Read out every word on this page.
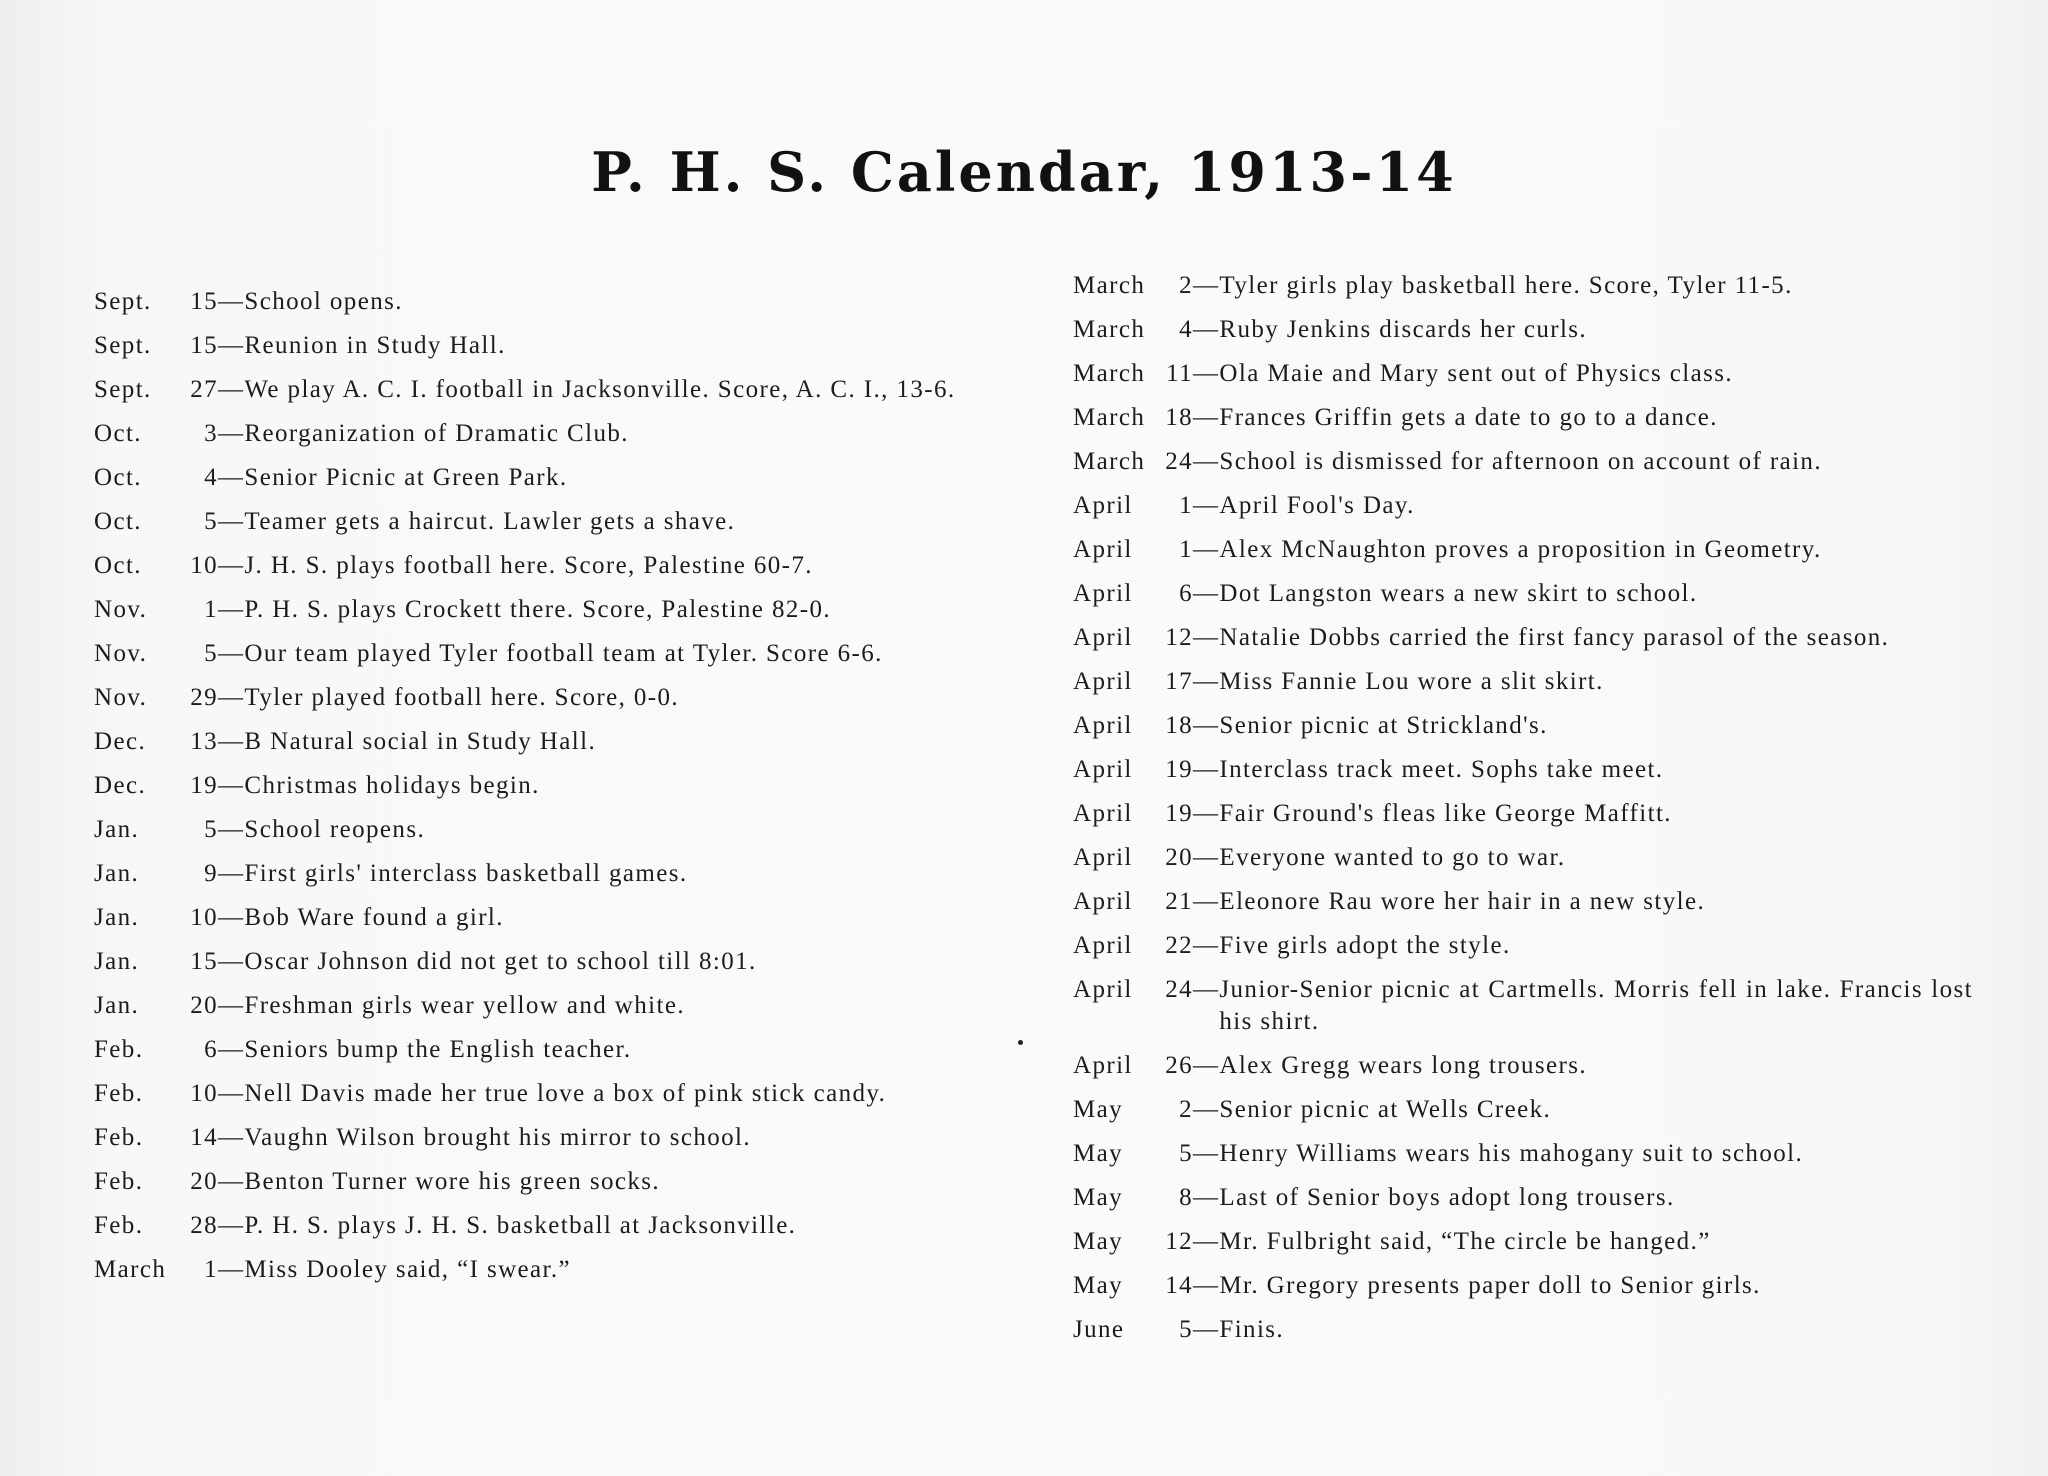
P. H. S. Calendar, 1913-14
Sept.	15 — School opens.
Sept.	15 — Reunion in Study Hall.
Sept.	27 — We play A. C. I. football in Jacksonville. Score, A. C. I., 13-6.
Oct.	3 — Reorganization of Dramatic Club.
Oct.	4 — Senior Picnic at Green Park.
Oct.	5 — Teamer gets a haircut. Lawler gets a shave.
Oct.	10 — J. H. S. plays football here. Score, Palestine 60-7.
Nov.	1 — P. H. S. plays Crockett there. Score, Palestine 82-0.
Nov.	5 — Our team played Tyler football team at Tyler. Score 6-6.
Nov.	29 — Tyler played football here. Score, 0-0.
Dec.	13 — B Natural social in Study Hall.
Dec.	19 — Christmas holidays begin.
Jan.	5 — School reopens.
Jan.	9 — First girls' interclass basketball games.
Jan.	10 — Bob Ware found a girl.
Jan.	15 — Oscar Johnson did not get to school till 8:01.
Jan.	20 — Freshman girls wear yellow and white.
Feb.	6 — Seniors bump the English teacher.
Feb.	10 — Nell Davis made her true love a box of pink stick candy.
Feb.	14 — Vaughn Wilson brought his mirror to school.
Feb.	20 — Benton Turner wore his green socks.
Feb.	28 — P. H. S. plays J. H. S. basketball at Jacksonville.
March	1 — Miss Dooley said, “I swear.”
March	2 — Tyler girls play basketball here. Score, Tyler 11-5.
March	4 — Ruby Jenkins discards her curls.
March 11 — Ola Maie and Mary sent out of Physics class.
March 18 — Frances Griffin gets a date to go to a dance.
March 24 — School is dismissed for afternoon on account of rain.
April	1 — April Fool's Day.
April	1 — Alex McNaughton proves a proposition in Geometry.
April	6 — Dot Langston wears a new skirt to school.
April	12 — Natalie Dobbs carried the first fancy parasol of the season.
April	17 — Miss Fannie Lou wore a slit skirt.
April	18 — Senior picnic at Strickland's.
April	19 — Interclass track meet. Sophs take meet.
April	19 — Fair Ground's fleas like George Maffitt.
April	20 — Everyone wanted to go to war.
April	21 — Eleonore Rau wore her hair in a new style.
April	22 — Five girls adopt the style.
April	24 — Junior-Senior picnic at Cartmells. Morris fell in lake. Francis lost his shirt.
April	26 — Alex Gregg wears long trousers.
May	2 — Senior picnic at Wells Creek.
May	5 — Henry Williams wears his mahogany suit to school.
May	8 — Last of Senior boys adopt long trousers.
May	12 — Mr. Fulbright said, “The circle be hanged.”
May	14 — Mr. Gregory presents paper doll to Senior girls.
June	5 — Finis.
